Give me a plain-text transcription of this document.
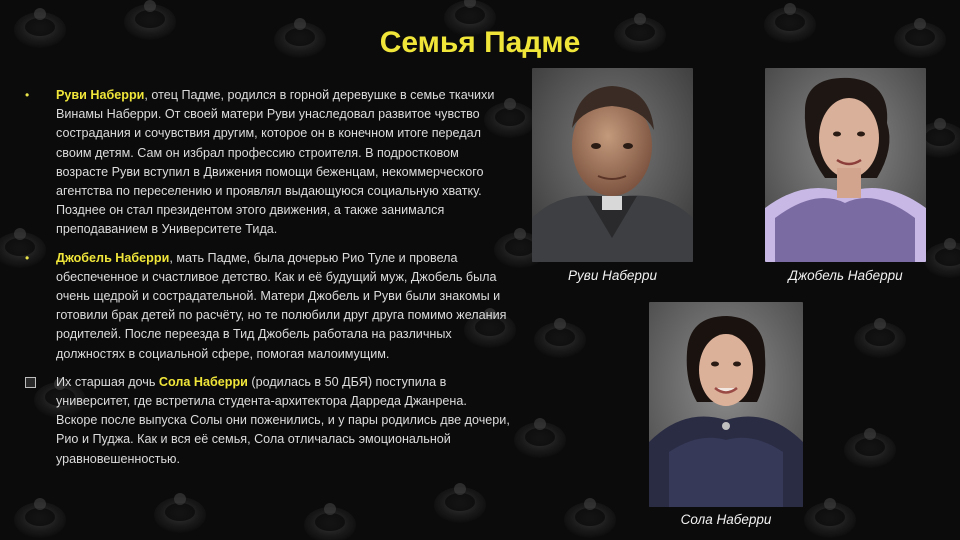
Семья Падме
• Руви Наберри, отец Падме, родился в горной деревушке в семье ткачихи Винамы Наберри. От своей матери Руви унаследовал развитое чувство сострадания и сочувствия другим, которое он в конечном итоге передал своим детям. Сам он избрал профессию строителя. В подростковом возрасте Руви вступил в Движения помощи беженцам, некоммерческого агентства по переселению и проявлял выдающуюся социальную хватку. Позднее он стал президентом этого движения, а также занимался преподаванием в Университете Тида.
• Джобель Наберри, мать Падме, была дочерью Рио Туле и провела обеспеченное и счастливое детство. Как и её будущий муж, Джобель была очень щедрой и сострадательной. Матери Джобель и Руви были знакомы и готовили брак детей по расчёту, но те полюбили друг друга помимо желания родителей. После переезда в Тид Джобель работала на различных должностях в социальной сфере, помогая малоимущим.
Их старшая дочь Сола Наберри (родилась в 50 ДБЯ) поступила в университет, где встретила студента-архитектора Дарреда Джанрена. Вскоре после выпуска Солы они поженились, и у пары родились две дочери, Рио и Пуджа. Как и вся её семья, Сола отличалась эмоциональной уравновешенностью.
Руви Наберри	Джобель Наберри
Сола Наберри
